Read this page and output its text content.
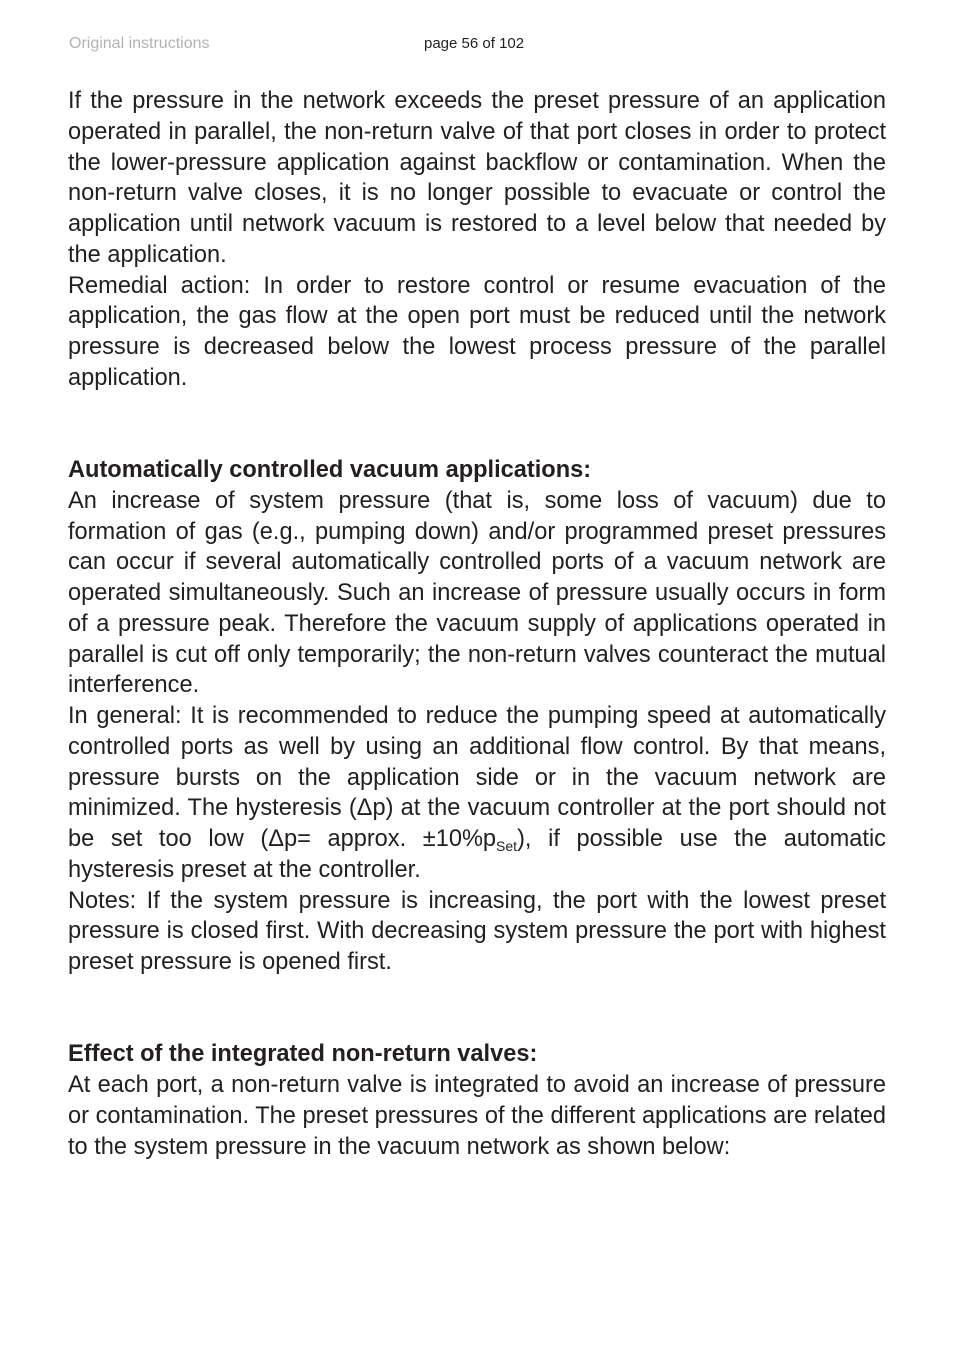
Original instructions	page 56 of 102

If the pressure in the network exceeds the preset pressure of an application operated in parallel, the non-return valve of that port closes in order to protect the lower-pressure application against backflow or contamination. When the non-return valve closes, it is no longer possible to evacuate or control the application until network vacuum is restored to a level below that needed by the application.

Remedial action: In order to restore control or resume evacuation of the application, the gas flow at the open port must be reduced until the network pressure is decreased below the lowest process pressure of the parallel application.

Automatically controlled vacuum applications:

An increase of system pressure (that is, some loss of vacuum) due to formation of gas (e.g., pumping down) and/or programmed preset pressures can occur if several automatically controlled ports of a vacuum network are operated simultaneously. Such an increase of pressure usually occurs in form of a pressure peak. Therefore the vacuum supply of applications operated in parallel is cut off only temporarily; the non-return valves counteract the mutual interference.

In general: It is recommended to reduce the pumping speed at automatically controlled ports as well by using an additional flow control. By that means, pressure bursts on the application side or in the vacuum network are minimized. The hysteresis (Δp) at the vacuum controller at the port should not be set too low (Δp= approx. $\pm 10\%p_{Set}$), if possible use the automatic hysteresis preset at the controller.

Notes: If the system pressure is increasing, the port with the lowest preset pressure is closed first. With decreasing system pressure the port with highest preset pressure is opened first.

Effect of the integrated non-return valves:

At each port, a non-return valve is integrated to avoid an increase of pressure or contamination. The preset pressures of the different applications are related to the system pressure in the vacuum network as shown below:
